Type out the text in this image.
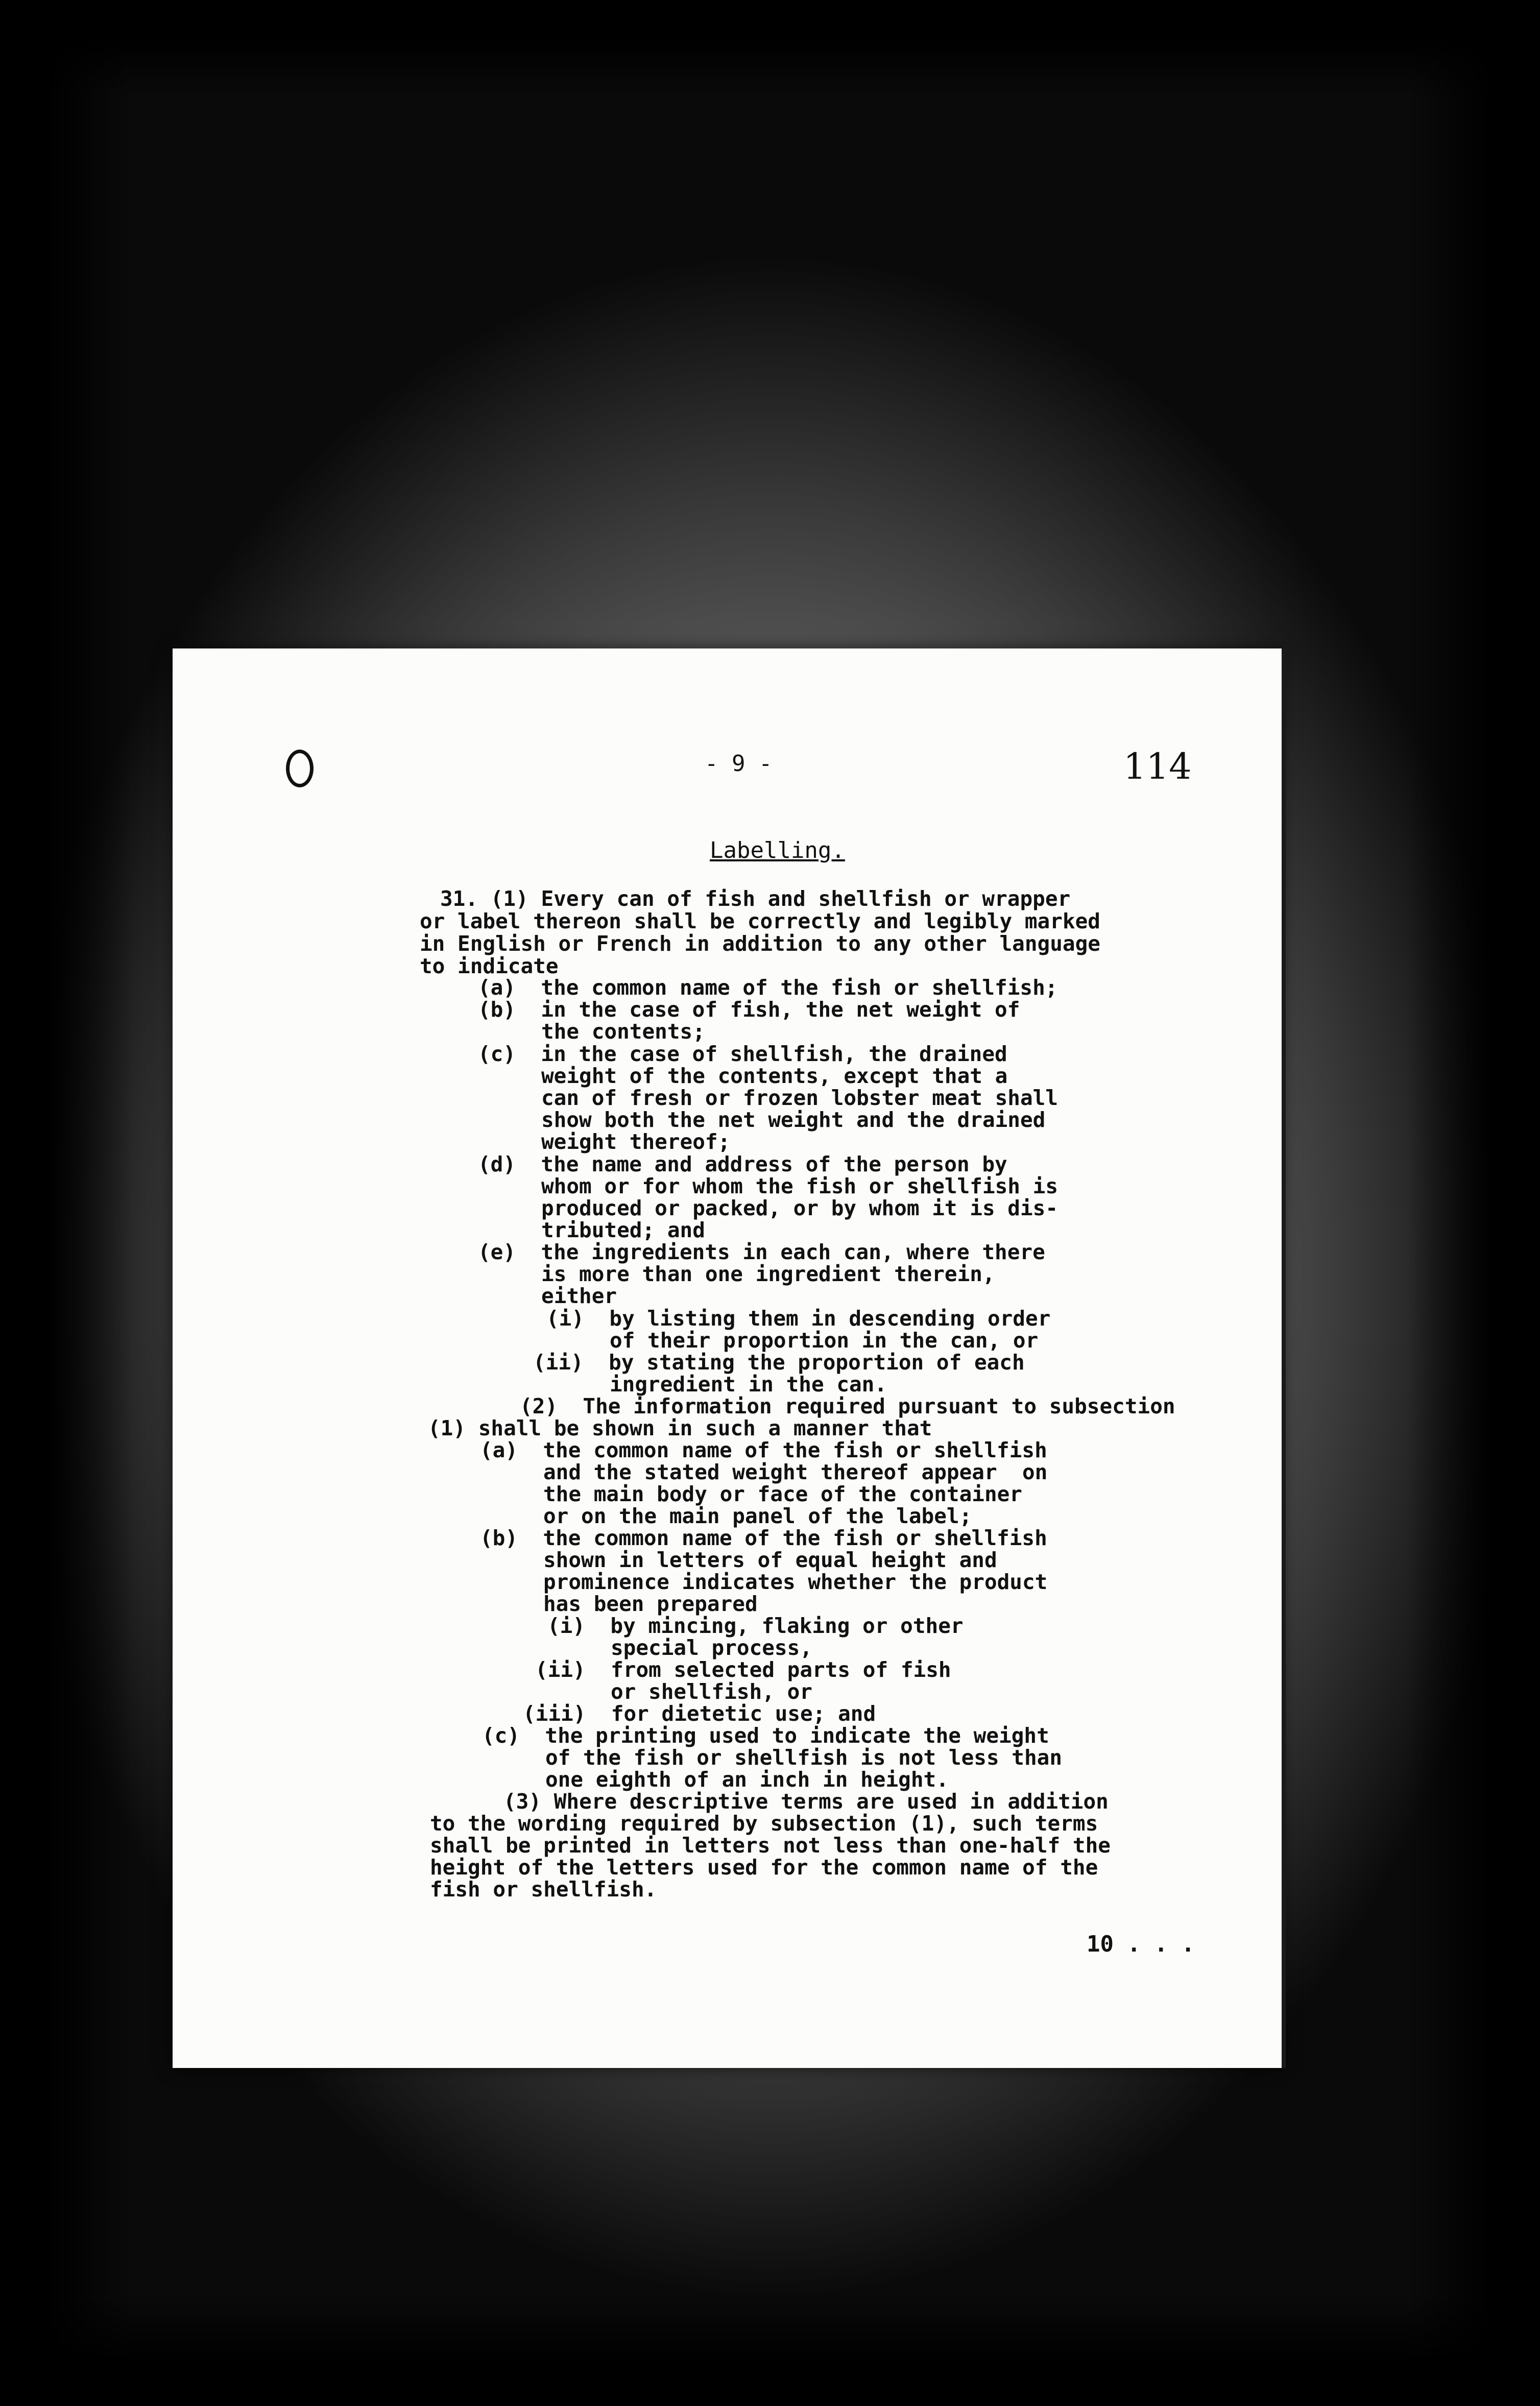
- 9 -	114
Labelling.
31. (1) Every can of fish and shellfish or wrapper
or label thereon shall be correctly and legibly marked
in English or French in addition to any other language
to indicate
(a)  the common name of the fish or shellfish;
(b)  in the case of fish, the net weight of
the contents;
(c)  in the case of shellfish, the drained
weight of the contents, except that a
can of fresh or frozen lobster meat shall
show both the net weight and the drained
weight thereof;
(d)  the name and address of the person by
whom or for whom the fish or shellfish is
produced or packed, or by whom it is dis-
tributed; and
(e)  the ingredients in each can, where there
is more than one ingredient therein,
either
(i)  by listing them in descending order
of their proportion in the can, or
(ii)  by stating the proportion of each
ingredient in the can.
(2)  The information required pursuant to subsection
(1) shall be shown in such a manner that
(a)  the common name of the fish or shellfish
and the stated weight thereof appear  on
the main body or face of the container
or on the main panel of the label;
(b)  the common name of the fish or shellfish
shown in letters of equal height and
prominence indicates whether the product
has been prepared
(i)  by mincing, flaking or other
special process,
(ii)  from selected parts of fish
or shellfish, or
(iii)  for dietetic use; and
(c)  the printing used to indicate the weight
of the fish or shellfish is not less than
one eighth of an inch in height.
(3) Where descriptive terms are used in addition
to the wording required by subsection (1), such terms
shall be printed in letters not less than one-half the
height of the letters used for the common name of the
fish or shellfish.
10 . . .
